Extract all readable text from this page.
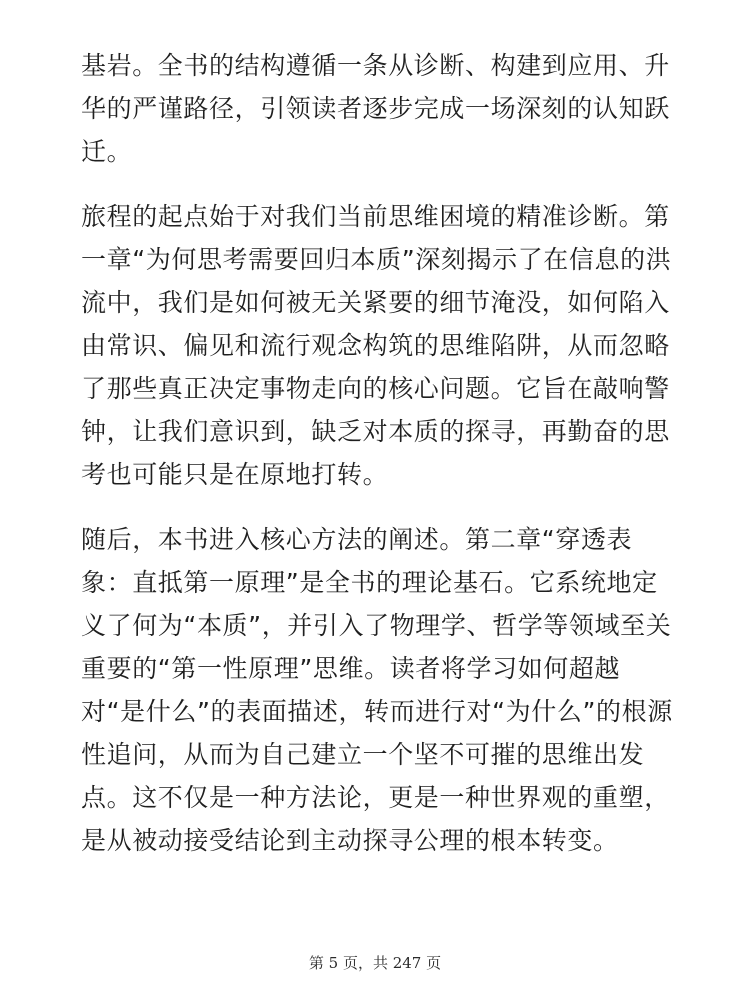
基岩。全书的结构遵循一条从诊断、构建到应用、升华的严谨路径，引领读者逐步完成一场深刻的认知跃迁。

旅程的起点始于对我们当前思维困境的精准诊断。第一章“为何思考需要回归本质”深刻揭示了在信息的洪流中，我们是如何被无关紧要的细节淹没，如何陷入由常识、偏见和流行观念构筑的思维陷阱，从而忽略了那些真正决定事物走向的核心问题。它旨在敲响警钟，让我们意识到，缺乏对本质的探寻，再勤奋的思考也可能只是在原地打转。

随后，本书进入核心方法的阐述。第二章“穿透表象：直抵第一原理”是全书的理论基石。它系统地定义了何为“本质”，并引入了物理学、哲学等领域至关重要的“第一性原理”思维。读者将学习如何超越对“是什么”的表面描述，转而进行对“为什么”的根源性追问，从而为自己建立一个坚不可摧的思维出发点。这不仅是一种方法论，更是一种世界观的重塑，是从被动接受结论到主动探寻公理的根本转变。

第 5 页，共 247 页
